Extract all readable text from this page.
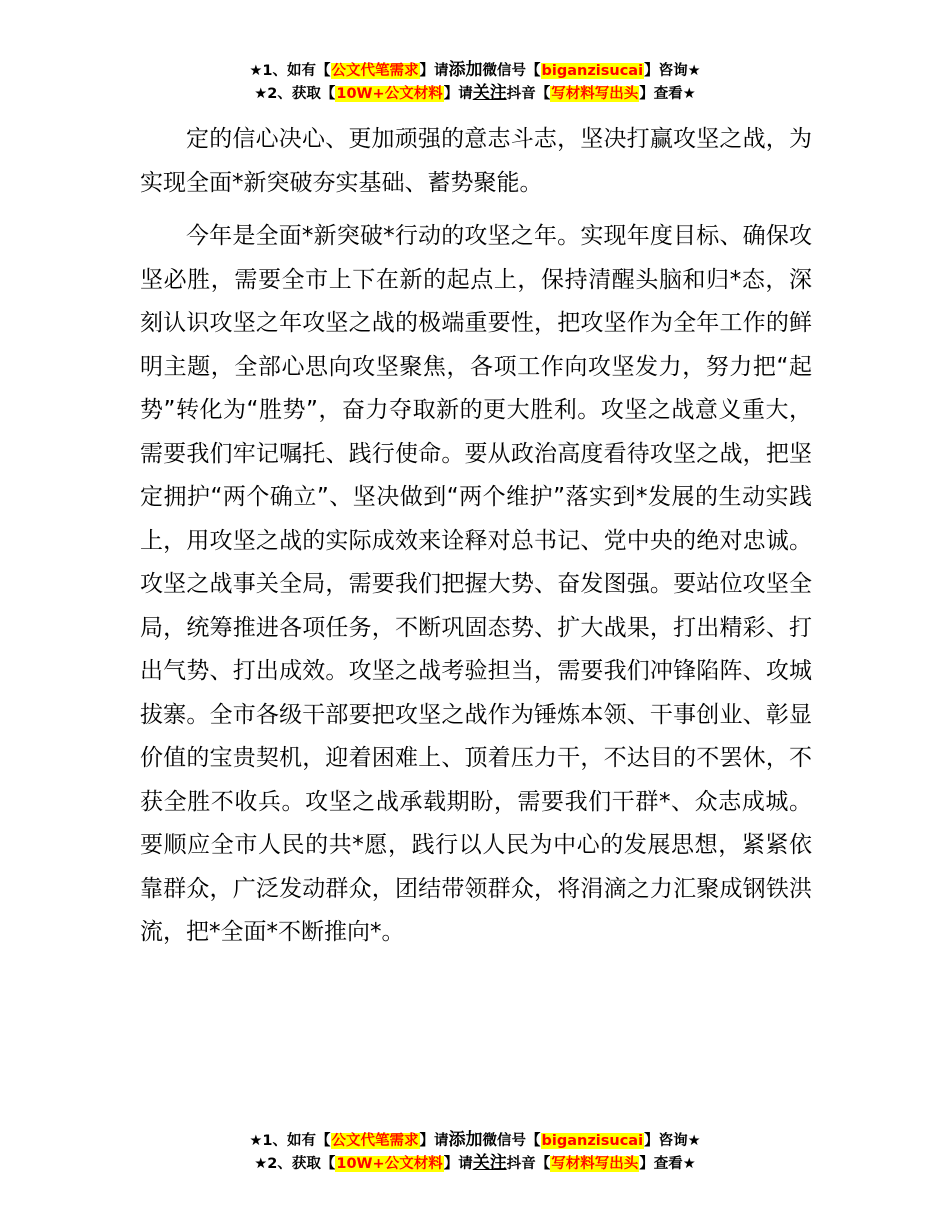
★1、如有【公文代笔需求】请添加微信号【biganzisucai】咨询★
★2、获取【10W+公文材料】请关注抖音【写材料写出头】查看★

定的信心决心、更加顽强的意志斗志，坚决打赢攻坚之战，为实现全面*新突破夯实基础、蓄势聚能。

今年是全面*新突破*行动的攻坚之年。实现年度目标、确保攻坚必胜，需要全市上下在新的起点上，保持清醒头脑和归*态，深刻认识攻坚之年攻坚之战的极端重要性，把攻坚作为全年工作的鲜明主题，全部心思向攻坚聚焦，各项工作向攻坚发力，努力把“起势”转化为“胜势”，奋力夺取新的更大胜利。攻坚之战意义重大，需要我们牢记嘱托、践行使命。要从政治高度看待攻坚之战，把坚定拥护“两个确立”、坚决做到“两个维护”落实到*发展的生动实践上，用攻坚之战的实际成效来诠释对总书记、党中央的绝对忠诚。攻坚之战事关全局，需要我们把握大势、奋发图强。要站位攻坚全局，统筹推进各项任务，不断巩固态势、扩大战果，打出精彩、打出气势、打出成效。攻坚之战考验担当，需要我们冲锋陷阵、攻城拔寨。全市各级干部要把攻坚之战作为锤炼本领、干事创业、彰显价值的宝贵契机，迎着困难上、顶着压力干，不达目的不罢休，不获全胜不收兵。攻坚之战承载期盼，需要我们干群*、众志成城。要顺应全市人民的共*愿，践行以人民为中心的发展思想，紧紧依靠群众，广泛发动群众，团结带领群众，将涓滴之力汇聚成钢铁洪流，把*全面*不断推向*。

★1、如有【公文代笔需求】请添加微信号【biganzisucai】咨询★
★2、获取【10W+公文材料】请关注抖音【写材料写出头】查看★
